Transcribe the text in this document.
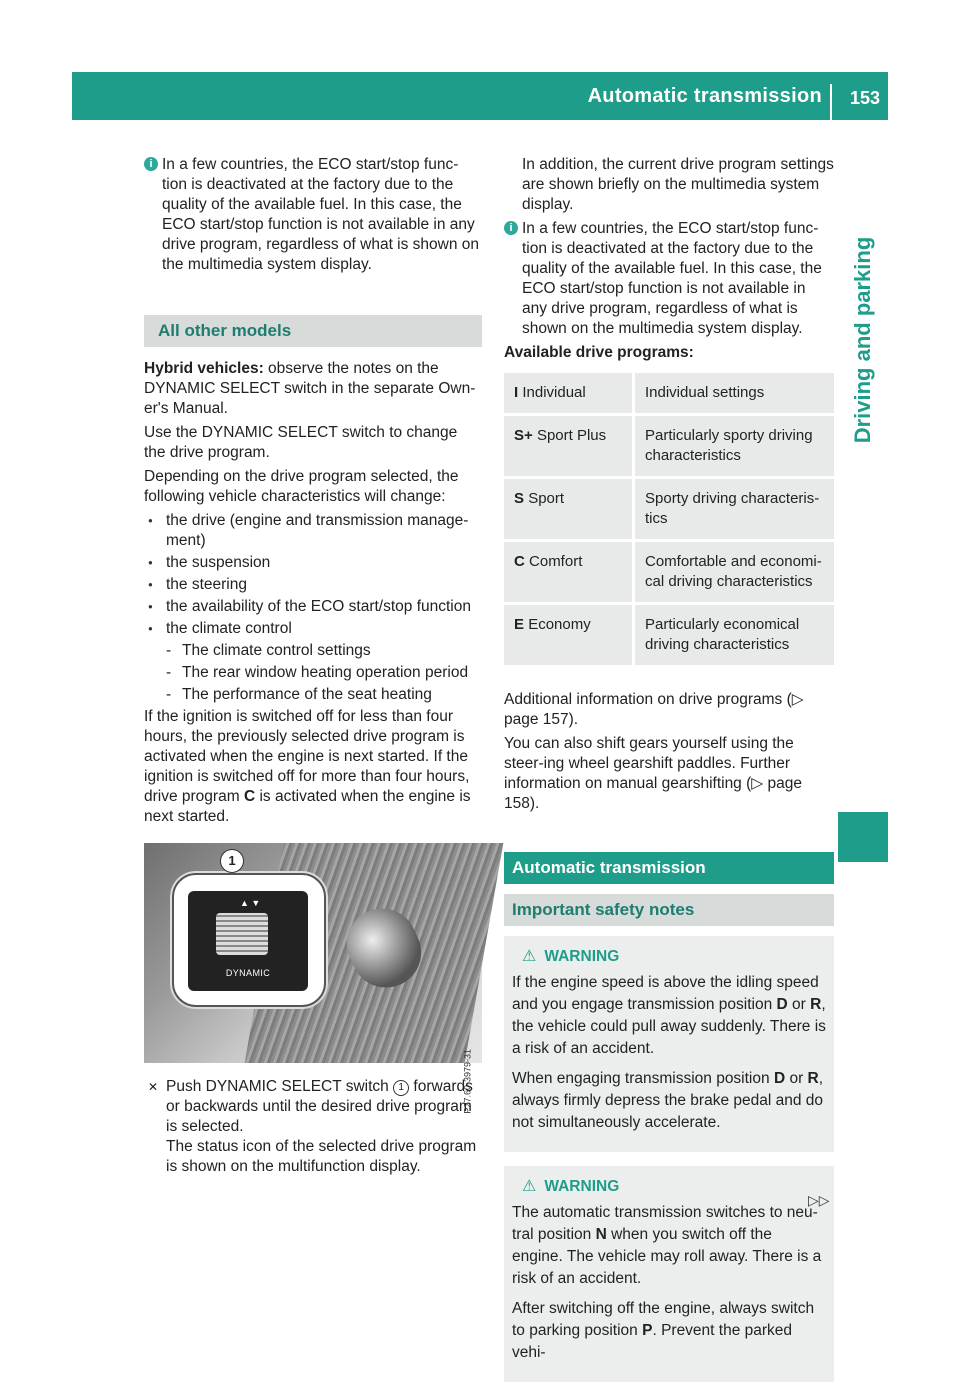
Automatic transmission 153
Driving and parking
i In a few countries, the ECO start/stop func-tion is deactivated at the factory due to the quality of the available fuel. In this case, the ECO start/stop function is not available in any drive program, regardless of what is shown on the multimedia system display.
All other models

Hybrid vehicles: observe the notes on the DYNAMIC SELECT switch in the separate Own-er's Manual.

Use the DYNAMIC SELECT switch to change the drive program.

Depending on the drive program selected, the following vehicle characteristics will change:

● the drive (engine and transmission manage-ment)
● the suspension
● the steering
● the availability of the ECO start/stop function
● the climate control
- The climate control settings
- The rear window heating operation period
- The performance of the seat heating

If the ignition is switched off for less than four hours, the previously selected drive program is activated when the engine is next started. If the ignition is switched off for more than four hours, drive program C is activated when the engine is next started.

▲ ▼
DYNAMIC
1
P27.60-3979-31
✕ Push DYNAMIC SELECT switch 1 forwards or backwards until the desired drive program is selected.
The status icon of the selected drive program is shown on the multifunction display.

In addition, the current drive program settings are shown briefly on the multimedia system display.

i In a few countries, the ECO start/stop func-tion is deactivated at the factory due to the quality of the available fuel. In this case, the ECO start/stop function is not available in any drive program, regardless of what is shown on the multimedia system display.

Available drive programs:

I Individual	Individual settings
S+ Sport Plus	Particularly sporty driving characteristics
S Sport	Sporty driving characteris-tics
C Comfort	Comfortable and economi-cal driving characteristics
E Economy	Particularly economical driving characteristics

Additional information on drive programs (▷ page 157).

You can also shift gears yourself using the steer-ing wheel gearshift paddles. Further information on manual gearshifting (▷ page 158).

Automatic transmission
Important safety notes
⚠ WARNING

If the engine speed is above the idling speed and you engage transmission position D or R, the vehicle could pull away suddenly. There is a risk of an accident.

When engaging transmission position D or R, always firmly depress the brake pedal and do not simultaneously accelerate.

⚠ WARNING

The automatic transmission switches to neu-tral position N when you switch off the engine. The vehicle may roll away. There is a risk of an accident.

After switching off the engine, always switch to parking position P. Prevent the parked vehi-

▷▷
